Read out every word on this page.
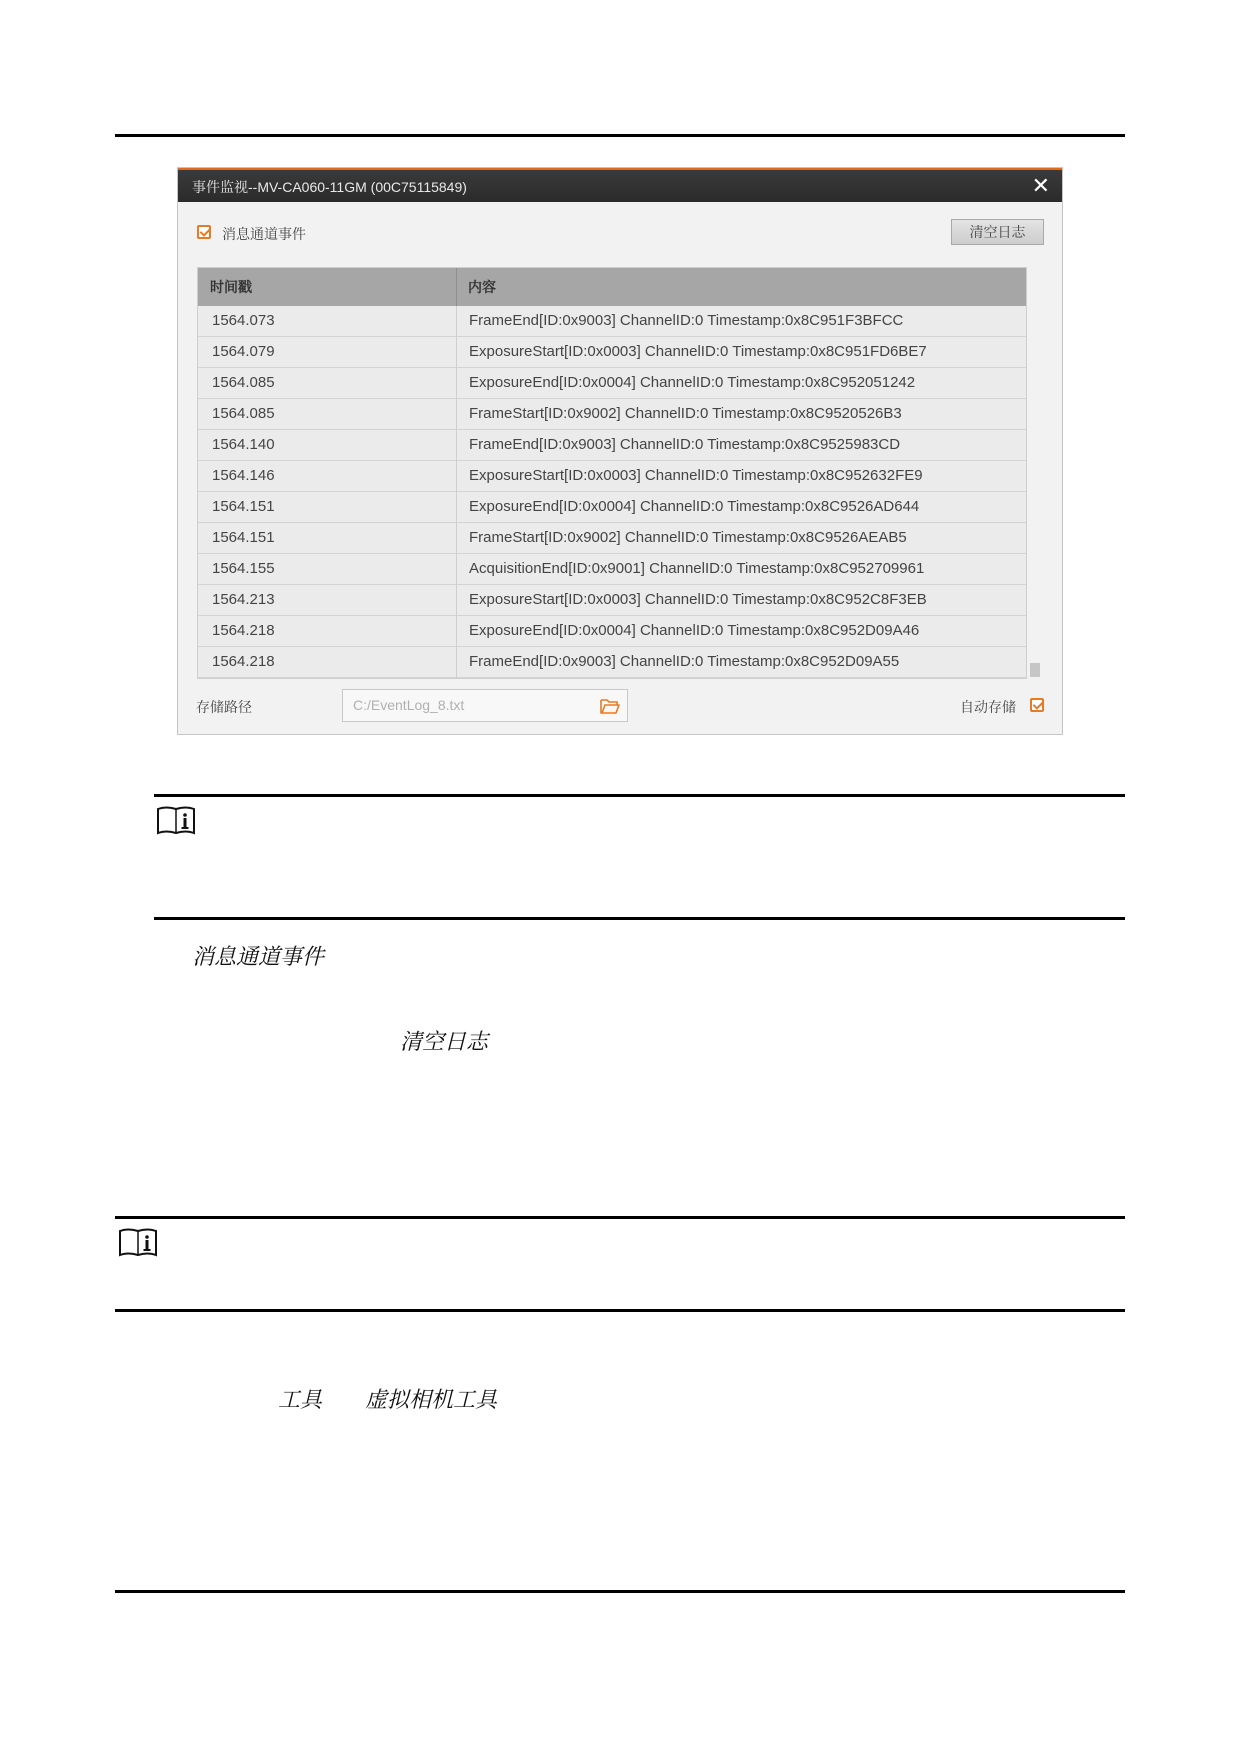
事件监视--MV-CA060-11GM (00C75115849)	✕
消息通道事件	清空日志
时间戳	内容
1564.073	FrameEnd[ID:0x9003] ChannelID:0 Timestamp:0x8C951F3BFCC
1564.079	ExposureStart[ID:0x0003] ChannelID:0 Timestamp:0x8C951FD6BE7
1564.085	ExposureEnd[ID:0x0004] ChannelID:0 Timestamp:0x8C952051242
1564.085	FrameStart[ID:0x9002] ChannelID:0 Timestamp:0x8C9520526B3
1564.140	FrameEnd[ID:0x9003] ChannelID:0 Timestamp:0x8C9525983CD
1564.146	ExposureStart[ID:0x0003] ChannelID:0 Timestamp:0x8C952632FE9
1564.151	ExposureEnd[ID:0x0004] ChannelID:0 Timestamp:0x8C9526AD644
1564.151	FrameStart[ID:0x9002] ChannelID:0 Timestamp:0x8C9526AEAB5
1564.155	AcquisitionEnd[ID:0x9001] ChannelID:0 Timestamp:0x8C952709961
1564.213	ExposureStart[ID:0x0003] ChannelID:0 Timestamp:0x8C952C8F3EB
1564.218	ExposureEnd[ID:0x0004] ChannelID:0 Timestamp:0x8C952D09A46
1564.218	FrameEnd[ID:0x9003] ChannelID:0 Timestamp:0x8C952D09A55
存储路径	C:/EventLog_8.txt	自动存储
消息通道事件
清空日志
工具 虚拟相机工具
